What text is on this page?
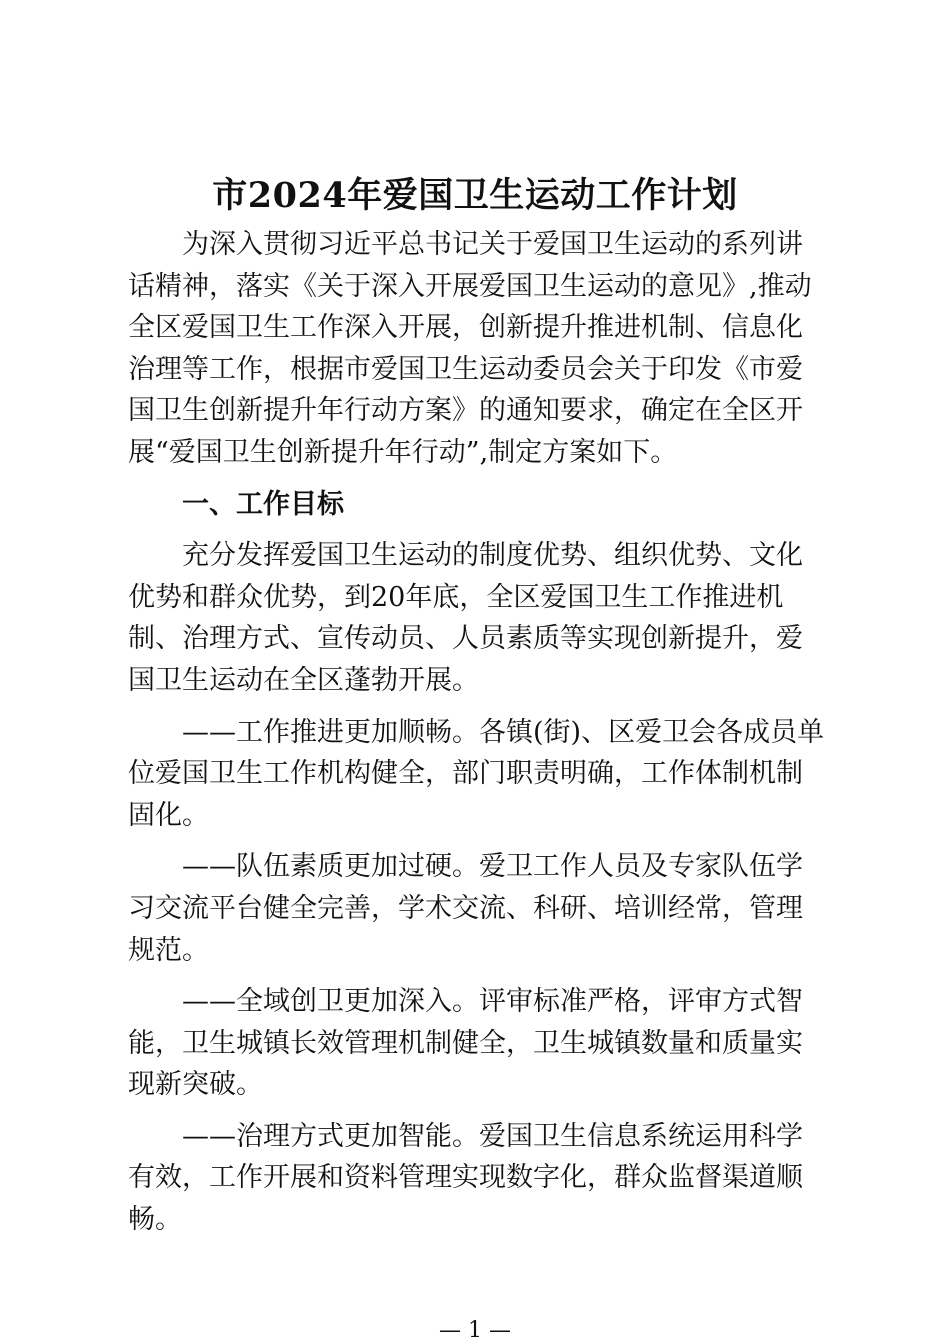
市2024年爱国卫生运动工作计划

为深入贯彻习近平总书记关于爱国卫生运动的系列讲话精神，落实《关于深入开展爱国卫生运动的意见》,推动全区爱国卫生工作深入开展，创新提升推进机制、信息化治理等工作，根据市爱国卫生运动委员会关于印发《市爱国卫生创新提升年行动方案》的通知要求，确定在全区开展“爱国卫生创新提升年行动”,制定方案如下。

一、工作目标

充分发挥爱国卫生运动的制度优势、组织优势、文化优势和群众优势，到20年底，全区爱国卫生工作推进机制、治理方式、宣传动员、人员素质等实现创新提升，爱国卫生运动在全区蓬勃开展。

——工作推进更加顺畅。各镇(街)、区爱卫会各成员单位爱国卫生工作机构健全，部门职责明确，工作体制机制固化。

——队伍素质更加过硬。爱卫工作人员及专家队伍学习交流平台健全完善，学术交流、科研、培训经常，管理规范。

——全域创卫更加深入。评审标准严格，评审方式智能，卫生城镇长效管理机制健全，卫生城镇数量和质量实现新突破。

——治理方式更加智能。爱国卫生信息系统运用科学有效，工作开展和资料管理实现数字化，群众监督渠道顺畅。

— 1 —
